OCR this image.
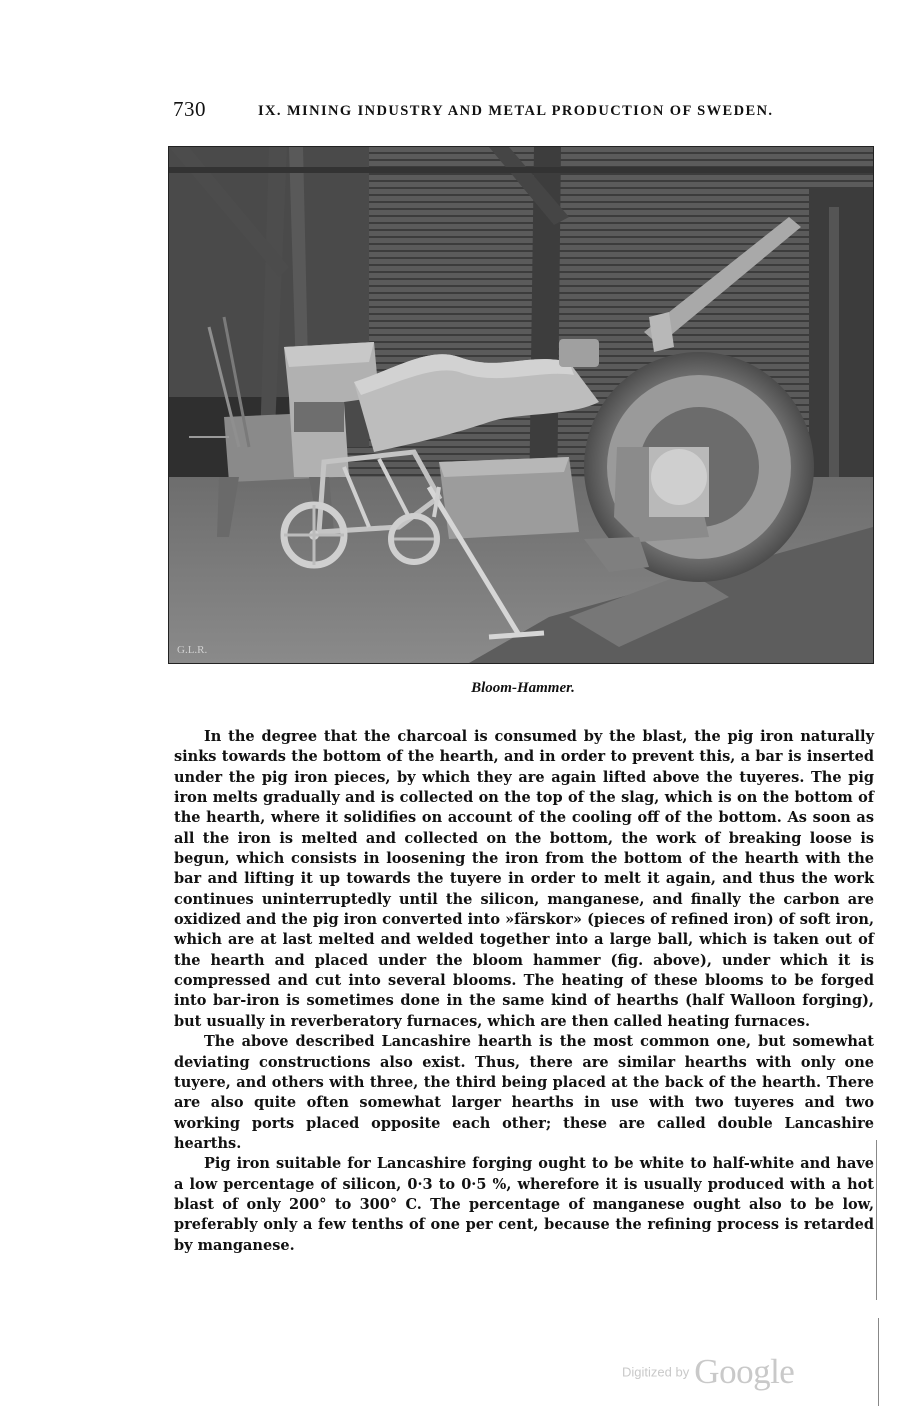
730	IX. MINING INDUSTRY AND METAL PRODUCTION OF SWEDEN.
G.L.R.
Bloom-Hammer.

In the degree that the charcoal is consumed by the blast, the pig iron naturally sinks towards the bottom of the hearth, and in order to prevent this, a bar is inserted under the pig iron pieces, by which they are again lifted above the tuyeres. The pig iron melts gradually and is collected on the top of the slag, which is on the bottom of the hearth, where it solidifies on account of the cooling off of the bottom. As soon as all the iron is melted and collected on the bottom, the work of breaking loose is begun, which consists in loosening the iron from the bottom of the hearth with the bar and lifting it up towards the tuyere in order to melt it again, and thus the work continues uninterruptedly until the silicon, manganese, and finally the carbon are oxidized and the pig iron converted into »färskor» (pieces of refined iron) of soft iron, which are at last melted and welded together into a large ball, which is taken out of the hearth and placed under the bloom hammer (fig. above), under which it is compressed and cut into several blooms. The heating of these blooms to be forged into bar-iron is sometimes done in the same kind of hearths (half Walloon forging), but usually in reverberatory furnaces, which are then called heating furnaces.

The above described Lancashire hearth is the most common one, but somewhat deviating constructions also exist. Thus, there are similar hearths with only one tuyere, and others with three, the third being placed at the back of the hearth. There are also quite often somewhat larger hearths in use with two tuyeres and two working ports placed opposite each other; these are called double Lancashire hearths.

Pig iron suitable for Lancashire forging ought to be white to half-white and have a low percentage of silicon, 0·3 to 0·5 %, wherefore it is usually produced with a hot blast of only 200° to 300° C. The percentage of manganese ought also to be low, preferably only a few tenths of one per cent, because the refining process is retarded by manganese.

Digitized by Google
